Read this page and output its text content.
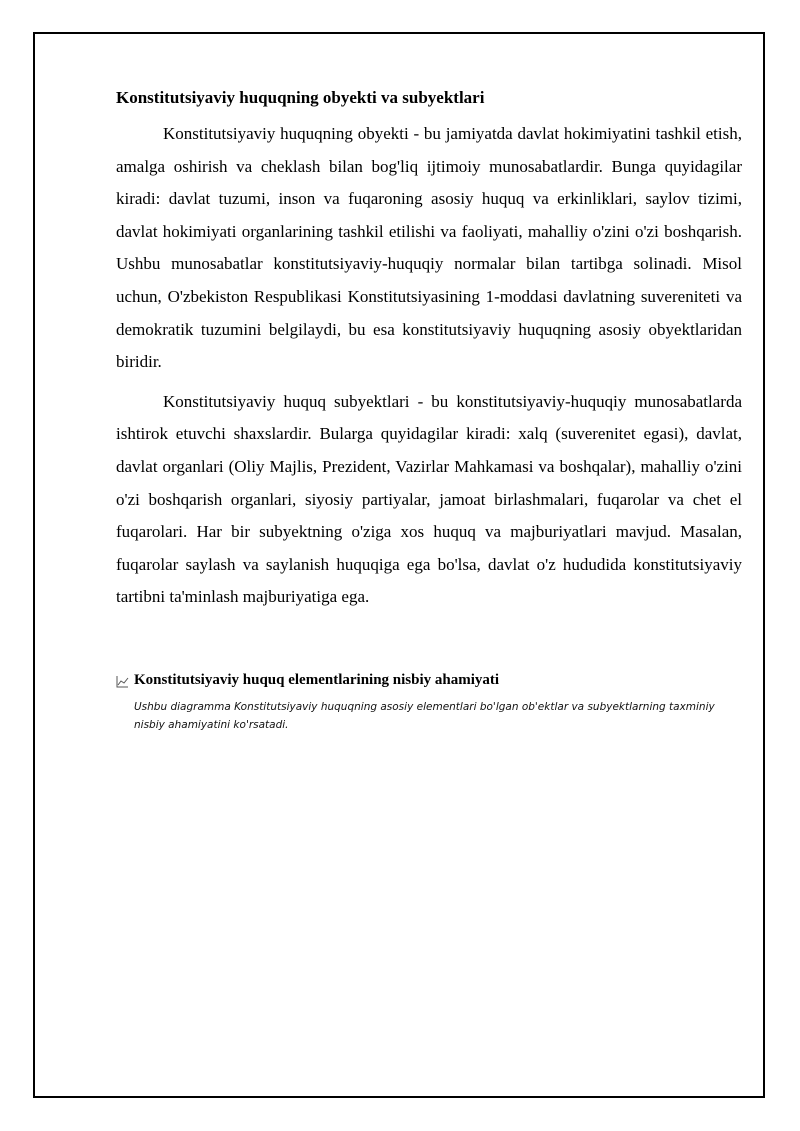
Konstitutsiyaviy huquqning obyekti va subyektlari

Konstitutsiyaviy huquqning obyekti - bu jamiyatda davlat hokimiyatini tashkil etish, amalga oshirish va cheklash bilan bog'liq ijtimoiy munosabatlardir. Bunga quyidagilar kiradi: davlat tuzumi, inson va fuqaroning asosiy huquq va erkinliklari, saylov tizimi, davlat hokimiyati organlarining tashkil etilishi va faoliyati, mahalliy o'zini o'zi boshqarish. Ushbu munosabatlar konstitutsiyaviy-huquqiy normalar bilan tartibga solinadi. Misol uchun, O'zbekiston Respublikasi Konstitutsiyasining 1-moddasi davlatning suvereniteti va demokratik tuzumini belgilaydi, bu esa konstitutsiyaviy huquqning asosiy obyektlaridan biridir.

Konstitutsiyaviy huquq subyektlari - bu konstitutsiyaviy-huquqiy munosabatlarda ishtirok etuvchi shaxslardir. Bularga quyidagilar kiradi: xalq (suverenitet egasi), davlat, davlat organlari (Oliy Majlis, Prezident, Vazirlar Mahkamasi va boshqalar), mahalliy o'zini o'zi boshqarish organlari, siyosiy partiyalar, jamoat birlashmalari, fuqarolar va chet el fuqarolari. Har bir subyektning o'ziga xos huquq va majburiyatlari mavjud. Masalan, fuqarolar saylash va saylanish huquqiga ega bo'lsa, davlat o'z hududida konstitutsiyaviy tartibni ta'minlash majburiyatiga ega.

Konstitutsiyaviy huquq elementlarining nisbiy ahamiyati
Ushbu diagramma Konstitutsiyaviy huquqning asosiy elementlari bo'lgan ob'ektlar va subyektlarning taxminiy nisbiy ahamiyatini ko'rsatadi.
